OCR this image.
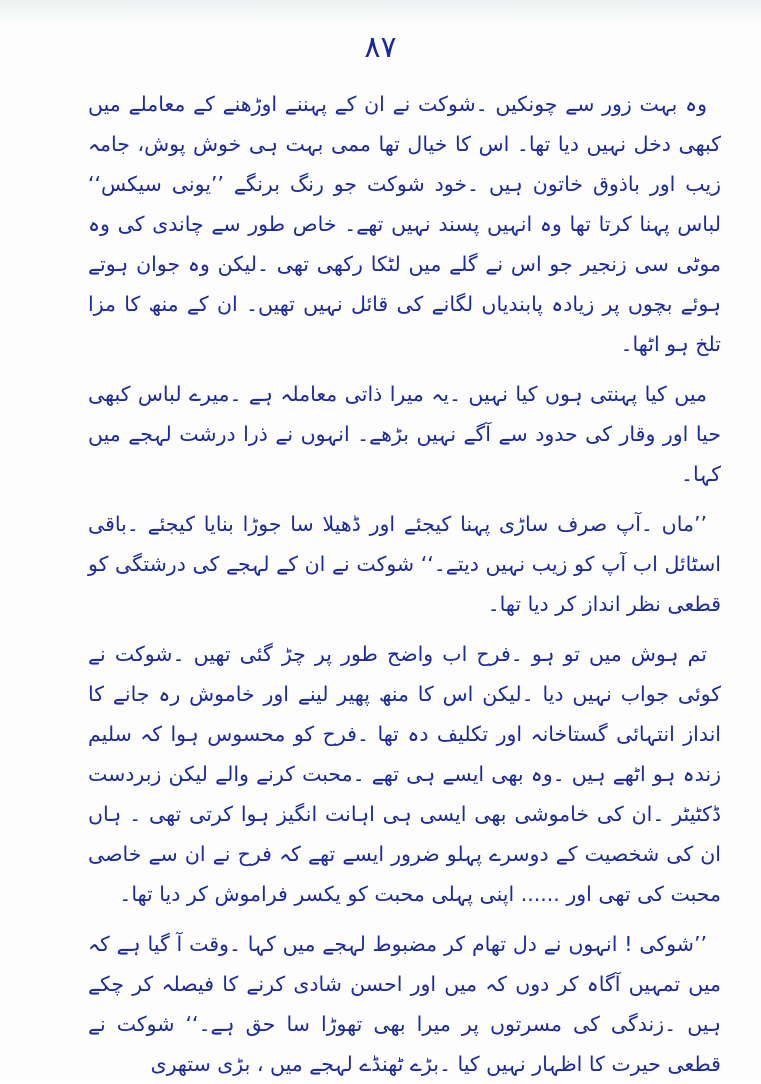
۸۷

وہ بہت زور سے چونکیں ۔شوکت نے ان کے پہننے اوڑھنے کے معاملے میں کبھی دخل نہیں دیا تھا۔ اس کا خیال تھا ممی بہت ہی خوش پوش، جامہ زیب اور باذوق خاتون ہیں ۔خود شوکت جو رنگ برنگے ’’یونی سیکس‘‘ لباس پہنا کرتا تھا وہ انہیں پسند نہیں تھے۔ خاص طور سے چاندی کی وہ موٹی سی زنجیر جو اس نے گلے میں لٹکا رکھی تھی ۔لیکن وہ جوان ہوتے ہوئے بچوں پر زیادہ پابندیاں لگانے کی قائل نہیں تھیں۔ ان کے منھ کا مزا تلخ ہو اٹھا۔

میں کیا پہنتی ہوں کیا نہیں ۔یہ میرا ذاتی معاملہ ہے ۔میرے لباس کبھی حیا اور وقار کی حدود سے آگے نہیں بڑھے۔ انہوں نے ذرا درشت لہجے میں کہا۔

’’ماں ۔آپ صرف ساڑی پہنا کیجئے اور ڈھیلا سا جوڑا بنایا کیجئے ۔باقی اسٹائل اب آپ کو زیب نہیں دیتے۔‘‘ شوکت نے ان کے لہجے کی درشتگی کو قطعی نظر انداز کر دیا تھا۔

تم ہوش میں تو ہو ۔فرح اب واضح طور پر چڑ گئی تھیں ۔شوکت نے کوئی جواب نہیں دیا ۔لیکن اس کا منھ پھیر لینے اور خاموش رہ جانے کا انداز انتہائی گستاخانہ اور تکلیف دہ تھا ۔فرح کو محسوس ہوا کہ سلیم زندہ ہو اٹھے ہیں ۔وہ بھی ایسے ہی تھے ۔محبت کرنے والے لیکن زبردست ڈکٹیٹر ۔ان کی خاموشی بھی ایسی ہی اہانت انگیز ہوا کرتی تھی ۔ ہاں ان کی شخصیت کے دوسرے پہلو ضرور ایسے تھے کہ فرح نے ان سے خاصی محبت کی تھی اور ...... اپنی پہلی محبت کو یکسر فراموش کر دیا تھا۔

’’شوکی ! انہوں نے دل تھام کر مضبوط لہجے میں کہا ۔وقت آ گیا ہے کہ میں تمہیں آگاہ کر دوں کہ میں اور احسن شادی کرنے کا فیصلہ کر چکے ہیں ۔زندگی کی مسرتوں پر میرا بھی تھوڑا سا حق ہے۔‘‘ شوکت نے قطعی حیرت کا اظہار نہیں کیا ۔بڑے ٹھنڈے لہجے میں ، بڑی ستھری
